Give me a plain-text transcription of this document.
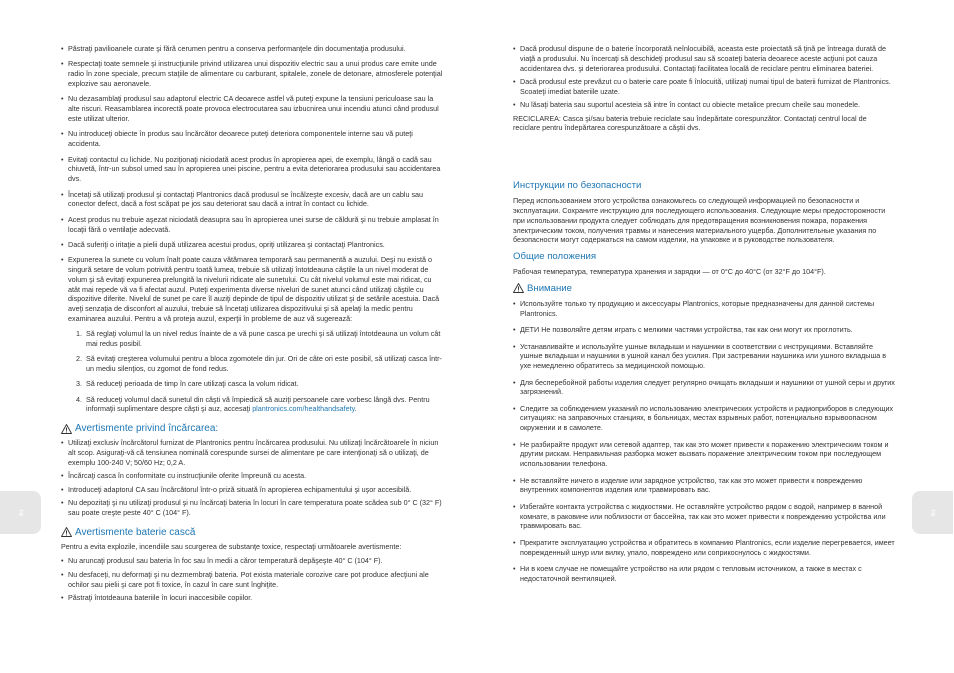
ro	ru
• Păstraţi pavilioanele curate şi fără cerumen pentru a conserva performanţele din documentaţia produsului.
• Respectaţi toate semnele şi instrucţiunile privind utilizarea unui dispozitiv electric sau a unui produs care emite unde radio în zone speciale, precum staţiile de alimentare cu carburant, spitalele, zonele de detonare, atmosferele potenţial explozive sau aeronavele.
• Nu dezasamblaţi produsul sau adaptorul electric CA deoarece astfel vă puteţi expune la tensiuni periculoase sau la alte riscuri. Reasamblarea incorectă poate provoca electrocutarea sau izbucnirea unui incendiu atunci când produsul este utilizat ulterior.
• Nu introduceţi obiecte în produs sau încărcător deoarece puteţi deteriora componentele interne sau vă puteţi accidenta.
• Evitaţi contactul cu lichide. Nu poziţionaţi niciodată acest produs în apropierea apei, de exemplu, lângă o cadă sau chiuvetă, într-un subsol umed sau în apropierea unei piscine, pentru a evita deteriorarea produsului sau accidentarea dvs.
• Încetaţi să utilizaţi produsul şi contactaţi Plantronics dacă produsul se încălzeşte excesiv, dacă are un cablu sau conector defect, dacă a fost scăpat pe jos sau deteriorat sau dacă a intrat în contact cu lichide.
• Acest produs nu trebuie aşezat niciodată deasupra sau în apropierea unei surse de căldură şi nu trebuie amplasat în locaţii fără o ventilaţie adecvată.
• Dacă suferiţi o iritaţie a pielii după utilizarea acestui produs, opriţi utilizarea şi contactaţi Plantronics.
• Expunerea la sunete cu volum înalt poate cauza vătămarea temporară sau permanentă a auzului. Deşi nu există o singură setare de volum potrivită pentru toată lumea, trebuie să utilizaţi întotdeauna căştile la un nivel moderat de volum şi să evitaţi expunerea prelungită la nivelurii ridicate ale sunetului. Cu cât nivelul volumul este mai ridicat, cu atât mai repede vă va fi afectat auzul. Puteţi experimenta diverse niveluri de sunet atunci când utilizaţi căştile cu dispozitive diferite. Nivelul de sunet pe care îl auziţi depinde de tipul de dispozitiv utilizat şi de setările acestuia. Dacă aveţi senzaţia de disconfort al auzului, trebuie să încetaţi utilizarea dispozitivului şi să apelaţi la medic pentru examinarea auzului. Pentru a vă proteja auzul, experţii în probleme de auz vă sugerează:
1. Să reglaţi volumul la un nivel redus înainte de a vă pune casca pe urechi şi să utilizaţi întotdeauna un volum cât mai redus posibil.
2. Să evitaţi creşterea volumului pentru a bloca zgomotele din jur. Ori de câte ori este posibil, să utilizaţi casca într-un mediu silenţios, cu zgomot de fond redus.
3. Să reduceţi perioada de timp în care utilizaţi casca la volum ridicat.
4. Să reduceţi volumul dacă sunetul din căşti vă împiedică să auziţi persoanele care vorbesc lângă dvs. Pentru informaţii suplimentare despre căşti şi auz, accesaţi plantronics.com/healthandsafety.
Avertismente privind încărcarea:
• Utilizaţi exclusiv încărcătorul furnizat de Plantronics pentru încărcarea produsului. Nu utilizaţi încărcătoarele în niciun alt scop. Asiguraţi-vă că tensiunea nominală corespunde sursei de alimentare pe care intenţionaţi să o utilizaţi, de exemplu 100-240 V; 50/60 Hz; 0,2 A.
• Încărcaţi casca în conformitate cu instrucţiunile oferite împreună cu acesta.
• Introduceţi adaptorul CA sau încărcătorul într-o priză situată în apropierea echipamentului şi uşor accesibilă.
• Nu depozitaţi şi nu utilizaţi produsul şi nu încărcaţi bateria în locuri în care temperatura poate scădea sub 0° C (32° F) sau poate creşte peste 40° C (104° F).
Avertismente baterie cască

Pentru a evita explozile, incendiile sau scurgerea de substanţe toxice, respectaţi următoarele avertismente:

• Nu aruncaţi produsul sau bateria în foc sau în medii a căror temperatură depăşeşte 40° C (104° F).
• Nu desfaceţi, nu deformaţi şi nu dezmembraţi bateria. Pot exista materiale corozive care pot produce afecţiuni ale ochilor sau pielii şi care pot fi toxice, în cazul în care sunt înghiţite.
• Păstraţi întotdeauna bateriile în locuri inaccesibile copiilor.
• Dacă produsul dispune de o baterie încorporată neînlocuibilă, aceasta este proiectată să ţină pe întreaga durată de viaţă a produsului. Nu încercaţi să deschideţi produsul sau să scoateţi bateria deoarece aceste acţiuni pot cauza accidentarea dvs. şi deteriorarea produsului. Contactaţi facilitatea locală de reciclare pentru eliminarea bateriei.
• Dacă produsul este prevăzut cu o baterie care poate fi înlocuită, utilizaţi numai tipul de baterii furnizat de Plantronics. Scoateţi imediat bateriile uzate.
• Nu lăsaţi bateria sau suportul acesteia să intre în contact cu obiecte metalice precum cheile sau monedele.

RECICLAREA: Casca şi/sau bateria trebuie reciclate sau îndepărtate corespunzător. Contactaţi centrul local de reciclare pentru îndepărtarea corespunzătoare a căştii dvs.

Инструкции по безопасности

Перед использованием этого устройства ознакомьтесь со следующей информацией по безопасности и эксплуатации. Сохраните инструкцию для последующего использования. Следующие меры предосторожности при использовании продукта следует соблюдать для предотвращения возникновения пожара, поражения электрическим током, получения травмы и нанесения материального ущерба. Дополнительные указания по безопасности могут содержаться на самом изделии, на упаковке и в руководстве пользователя.

Общие положения

Рабочая температура, температура хранения и зарядки — от 0°C до 40°C (от 32°F до 104°F).

Внимание
• Используйте только ту продукцию и аксессуары Plantronics, которые предназначены для данной системы Plantronics.
• ДЕТИ Не позволяйте детям играть с мелкими частями устройства, так как они могут их проглотить.
• Устанавливайте и используйте ушные вкладыши и наушники в соответствии с инструкциями. Вставляйте ушные вкладыши и наушники в ушной канал без усилия. При застревании наушника или ушного вкладыша в ухе немедленно обратитесь за медицинской помощью.
• Для бесперебойной работы изделия следует регулярно очищать вкладыши и наушники от ушной серы и других загрязнений.
• Следите за соблюдением указаний по использованию электрических устройств и радиоприборов в следующих ситуациях: на заправочных станциях, в больницах, местах взрывных работ, потенциально взрывоопасном окружении и в самолете.
• Не разбирайте продукт или сетевой адаптер, так как это может привести к поражению электрическим током и другим рискам. Неправильная разборка может вызвать поражение электрическим током при последующем использовании телефона.
• Не вставляйте ничего в изделие или зарядное устройство, так как это может привести к повреждению внутренних компонентов изделия или травмировать вас.
• Избегайте контакта устройства с жидкостями. Не оставляйте устройство рядом с водой, например в ванной комнате, в раковине или поблизости от бассейна, так как это может привести к повреждению устройства или травмировать вас.
• Прекратите эксплуатацию устройства и обратитесь в компанию Plantronics, если изделие перегревается, имеет поврежденный шнур или вилку, упало, повреждено или соприкоснулось с жидкостями.
• Ни в коем случае не помещайте устройство на или рядом с тепловым источником, а также в местах с недостаточной вентиляцией.
